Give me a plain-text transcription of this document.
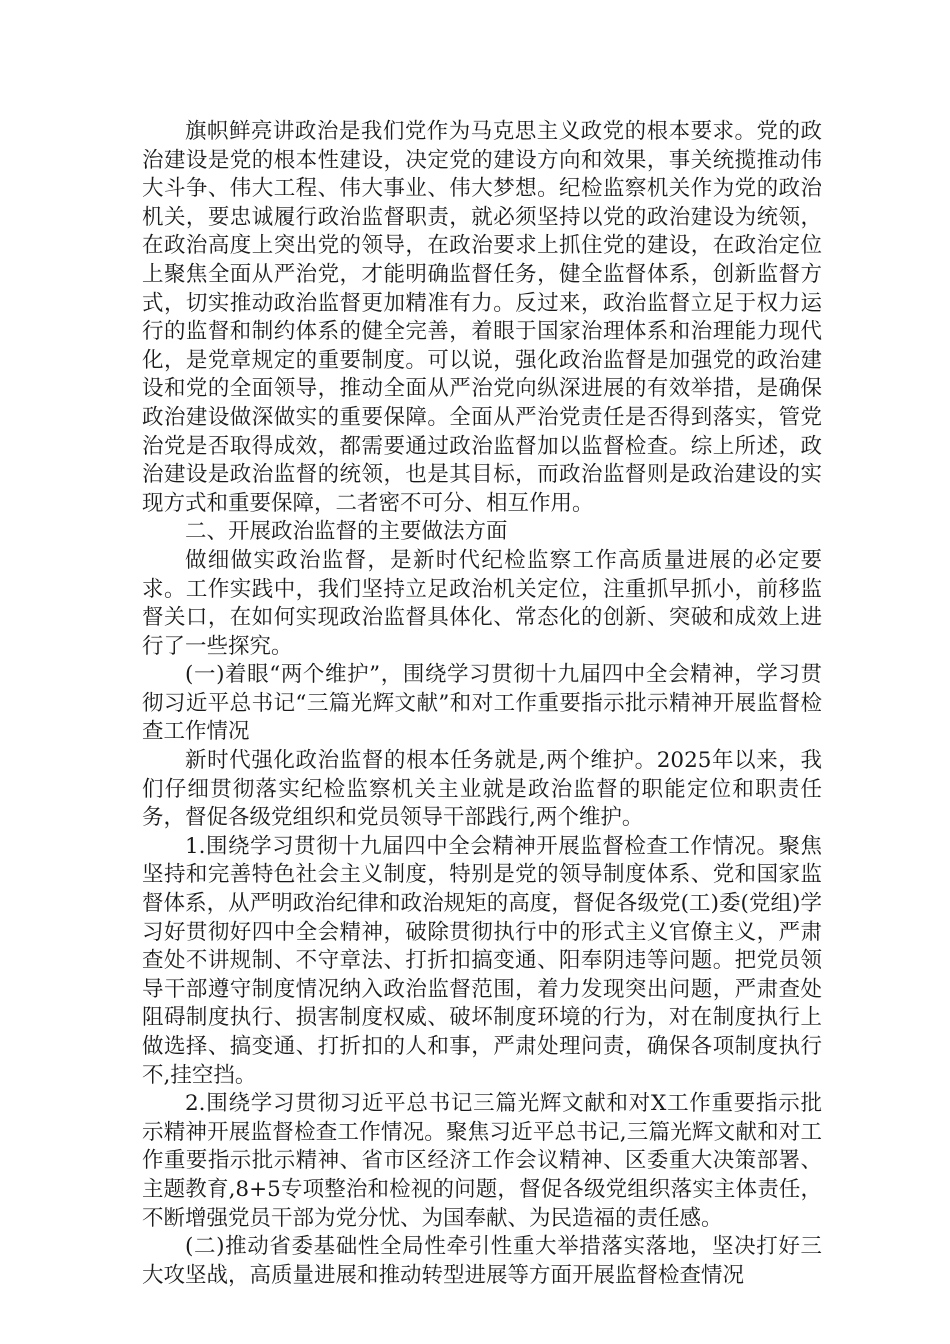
旗帜鲜亮讲政治是我们党作为马克思主义政党的根本要求。党的政治建设是党的根本性建设，决定党的建设方向和效果，事关统揽推动伟大斗争、伟大工程、伟大事业、伟大梦想。纪检监察机关作为党的政治机关，要忠诚履行政治监督职责，就必须坚持以党的政治建设为统领，在政治高度上突出党的领导，在政治要求上抓住党的建设，在政治定位上聚焦全面从严治党，才能明确监督任务，健全监督体系，创新监督方式，切实推动政治监督更加精准有力。反过来，政治监督立足于权力运行的监督和制约体系的健全完善，着眼于国家治理体系和治理能力现代化，是党章规定的重要制度。可以说，强化政治监督是加强党的政治建设和党的全面领导，推动全面从严治党向纵深进展的有效举措，是确保政治建设做深做实的重要保障。全面从严治党责任是否得到落实，管党治党是否取得成效，都需要通过政治监督加以监督检查。综上所述，政治建设是政治监督的统领，也是其目标，而政治监督则是政治建设的实现方式和重要保障，二者密不可分、相互作用。

二、开展政治监督的主要做法方面

做细做实政治监督，是新时代纪检监察工作高质量进展的必定要求。工作实践中，我们坚持立足政治机关定位，注重抓早抓小，前移监督关口，在如何实现政治监督具体化、常态化的创新、突破和成效上进行了一些探究。

(一)着眼“两个维护”，围绕学习贯彻十九届四中全会精神，学习贯彻习近平总书记“三篇光辉文献”和对工作重要指示批示精神开展监督检查工作情况

新时代强化政治监督的根本任务就是,两个维护。2025年以来，我们仔细贯彻落实纪检监察机关主业就是政治监督的职能定位和职责任务，督促各级党组织和党员领导干部践行,两个维护。

1.围绕学习贯彻十九届四中全会精神开展监督检查工作情况。聚焦坚持和完善特色社会主义制度，特别是党的领导制度体系、党和国家监督体系，从严明政治纪律和政治规矩的高度，督促各级党(工)委(党组)学习好贯彻好四中全会精神，破除贯彻执行中的形式主义官僚主义，严肃查处不讲规制、不守章法、打折扣搞变通、阳奉阴违等问题。把党员领导干部遵守制度情况纳入政治监督范围，着力发现突出问题，严肃查处阻碍制度执行、损害制度权威、破坏制度环境的行为，对在制度执行上做选择、搞变通、打折扣的人和事，严肃处理问责，确保各项制度执行不,挂空挡。

2.围绕学习贯彻习近平总书记三篇光辉文献和对X工作重要指示批示精神开展监督检查工作情况。聚焦习近平总书记,三篇光辉文献和对工作重要指示批示精神、省市区经济工作会议精神、区委重大决策部署、主题教育,8+5专项整治和检视的问题，督促各级党组织落实主体责任，不断增强党员干部为党分忧、为国奉献、为民造福的责任感。

(二)推动省委基础性全局性牵引性重大举措落实落地，坚决打好三大攻坚战，高质量进展和推动转型进展等方面开展监督检查情况
